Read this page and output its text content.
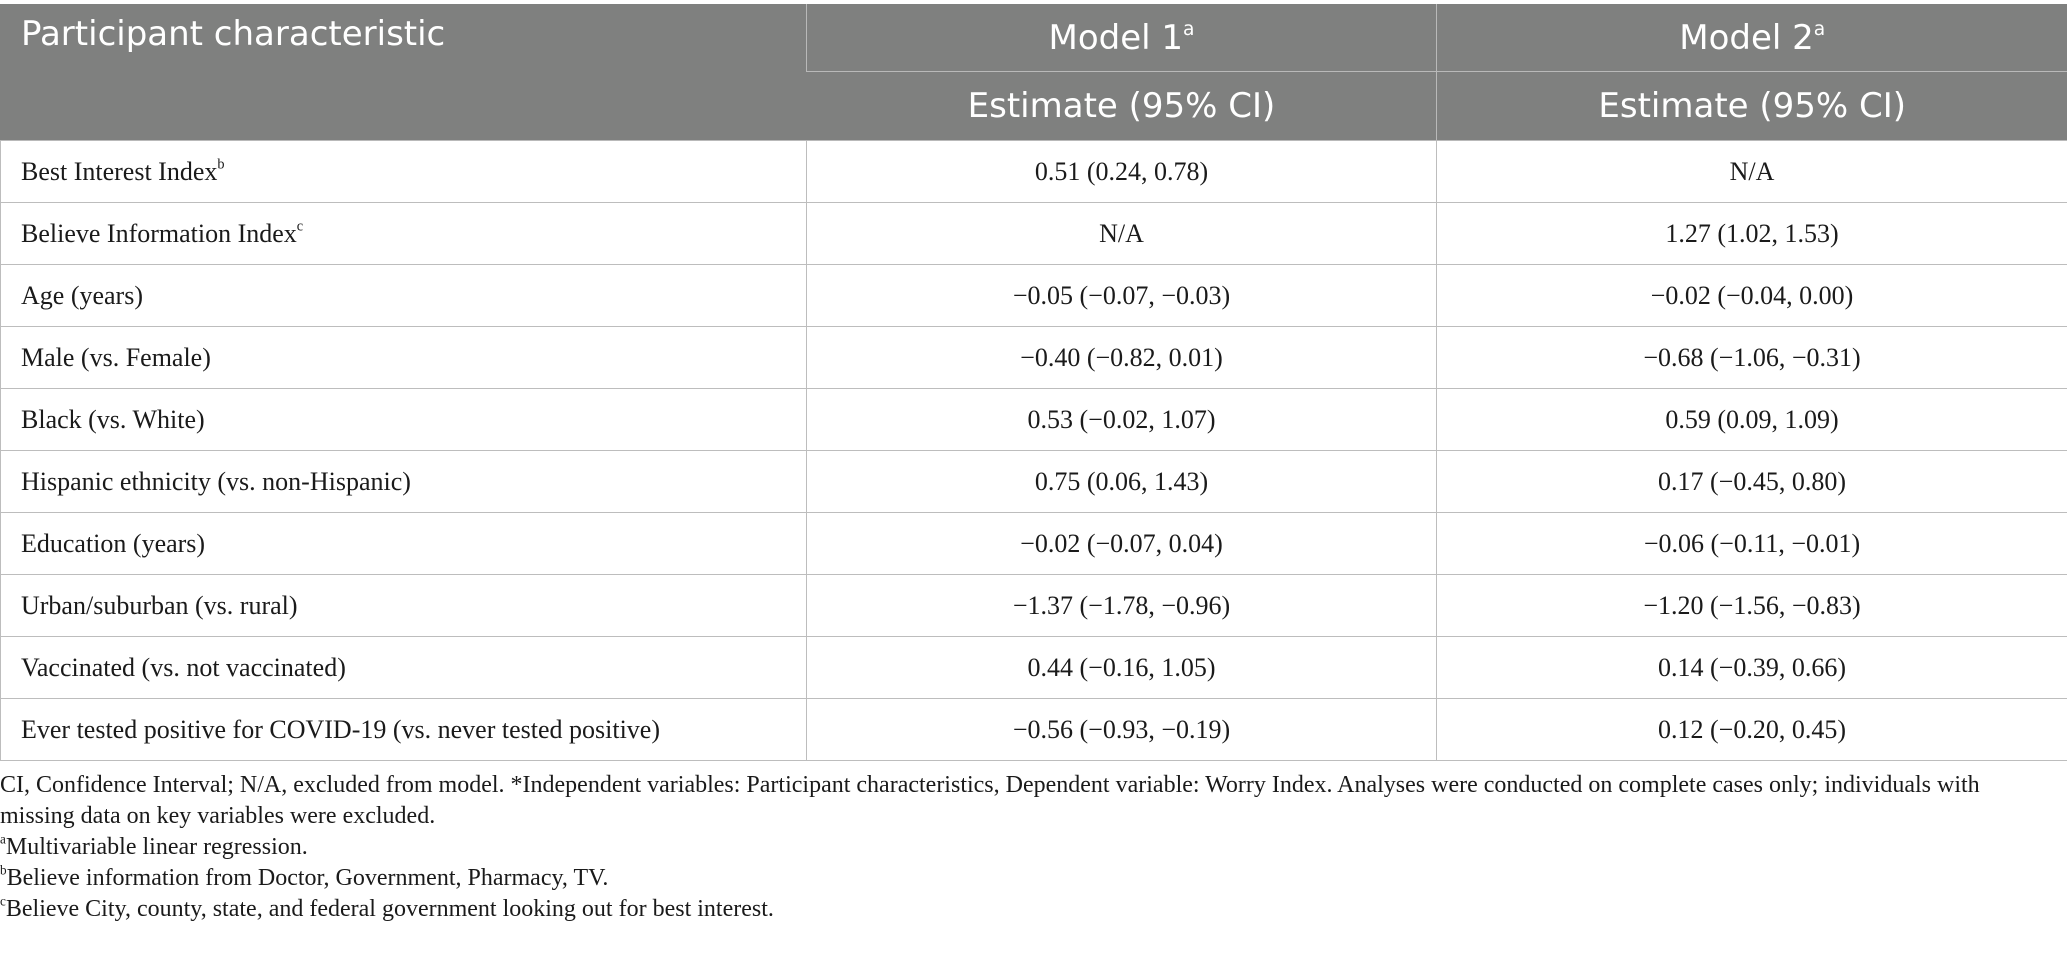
Participant characteristic	Model 1$^a$	Model 2$^a$
	Estimate (95% CI)	Estimate (95% CI)
Best Interest Index$^b$	0.51 (0.24, 0.78)	N/A
Believe Information Index$^c$	N/A	1.27 (1.02, 1.53)
Age (years)	−0.05 (−0.07, −0.03)	−0.02 (−0.04, 0.00)
Male (vs. Female)	−0.40 (−0.82, 0.01)	−0.68 (−1.06, −0.31)
Black (vs. White)	0.53 (−0.02, 1.07)	0.59 (0.09, 1.09)
Hispanic ethnicity (vs. non-Hispanic)	0.75 (0.06, 1.43)	0.17 (−0.45, 0.80)
Education (years)	−0.02 (−0.07, 0.04)	−0.06 (−0.11, −0.01)
Urban/suburban (vs. rural)	−1.37 (−1.78, −0.96)	−1.20 (−1.56, −0.83)
Vaccinated (vs. not vaccinated)	0.44 (−0.16, 1.05)	0.14 (−0.39, 0.66)
Ever tested positive for COVID-19 (vs. never tested positive)	−0.56 (−0.93, −0.19)	0.12 (−0.20, 0.45)

CI, Confidence Interval; N/A, excluded from model. *Independent variables: Participant characteristics, Dependent variable: Worry Index. Analyses were conducted on complete cases only; individuals with missing data on key variables were excluded.

$^a$Multivariable linear regression.

$^b$Believe information from Doctor, Government, Pharmacy, TV.

$^c$Believe City, county, state, and federal government looking out for best interest.
